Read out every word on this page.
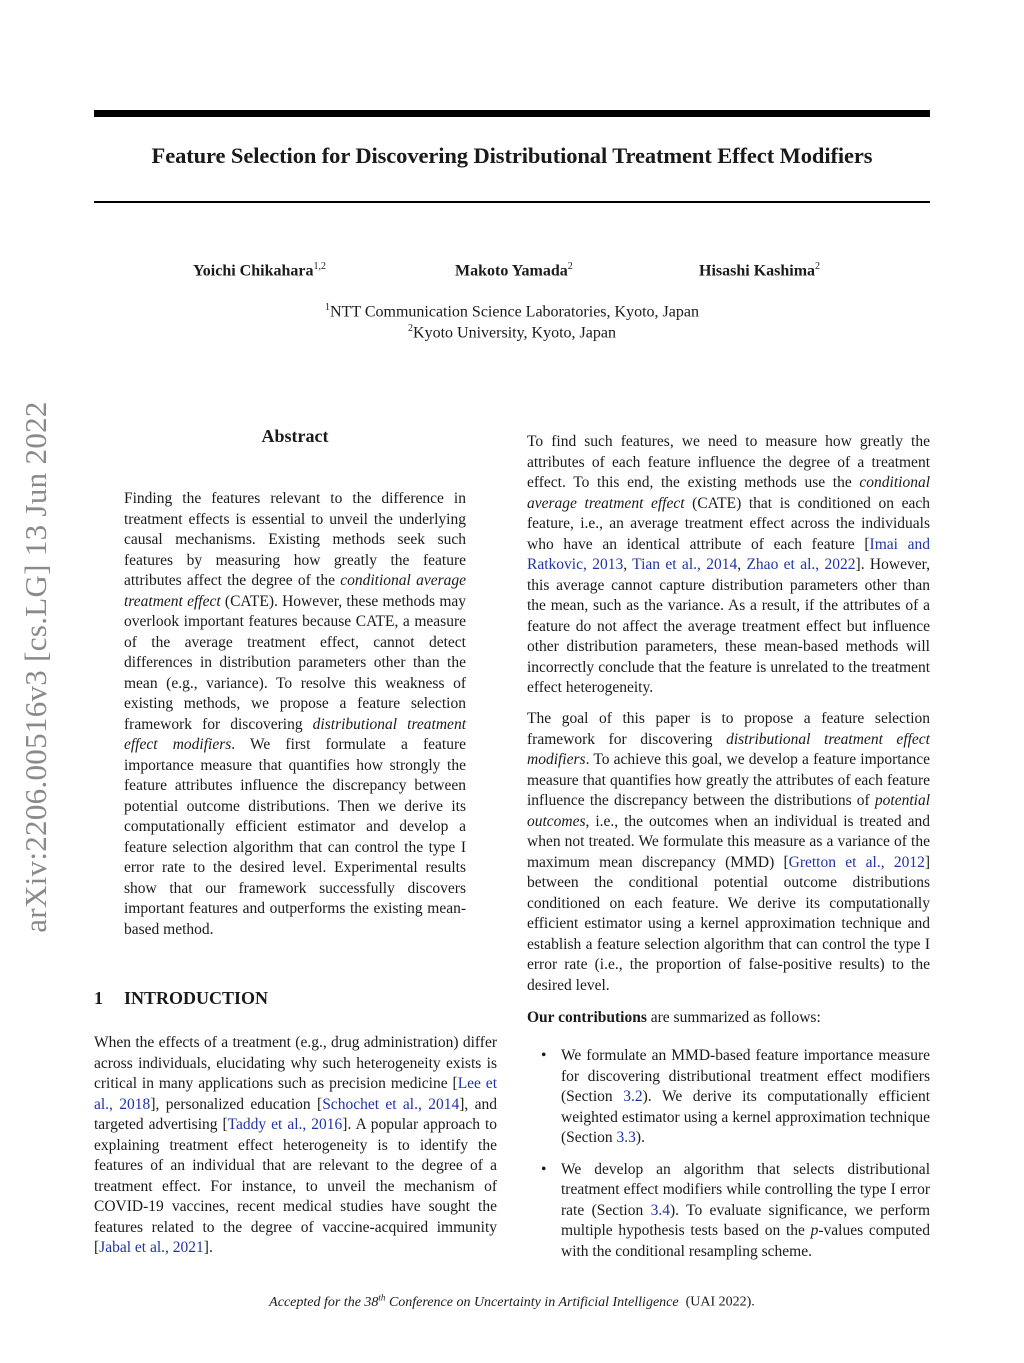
Feature Selection for Discovering Distributional Treatment Effect Modifiers
Yoichi Chikahara$^{1,2}$	Makoto Yamada$^2$	Hisashi Kashima$^2$
$^1$NTT Communication Science Laboratories, Kyoto, Japan
$^2$Kyoto University, Kyoto, Japan
arXiv:2206.00516v3 [cs.LG] 13 Jun 2022	Abstract

Finding the features relevant to the difference in treatment effects is essential to unveil the underlying causal mechanisms. Existing methods seek such features by measuring how greatly the feature attributes affect the degree of the conditional average treatment effect (CATE). However, these methods may overlook important features because CATE, a measure of the average treatment effect, cannot detect differences in distribution parameters other than the mean (e.g., variance). To resolve this weakness of existing methods, we propose a feature selection framework for discovering distributional treatment effect modifiers. We first formulate a feature importance measure that quantifies how strongly the feature attributes influence the discrepancy between potential outcome distributions. Then we derive its computationally efficient estimator and develop a feature selection algorithm that can control the type I error rate to the desired level. Experimental results show that our framework successfully discovers important features and outperforms the existing mean-based method.

1 INTRODUCTION

When the effects of a treatment (e.g., drug administration) differ across individuals, elucidating why such heterogeneity exists is critical in many applications such as precision medicine [Lee et al., 2018], personalized education [Schochet et al., 2014], and targeted advertising [Taddy et al., 2016]. A popular approach to explaining treatment effect heterogeneity is to identify the features of an individual that are relevant to the degree of a treatment effect. For instance, to unveil the mechanism of COVID-19 vaccines, recent medical studies have sought the features related to the degree of vaccine-acquired immunity [Jabal et al., 2021].

To find such features, we need to measure how greatly the attributes of each feature influence the degree of a treatment effect. To this end, the existing methods use the conditional average treatment effect (CATE) that is conditioned on each feature, i.e., an average treatment effect across the individuals who have an identical attribute of each feature [Imai and Ratkovic, 2013, Tian et al., 2014, Zhao et al., 2022]. However, this average cannot capture distribution parameters other than the mean, such as the variance. As a result, if the attributes of a feature do not affect the average treatment effect but influence other distribution parameters, these mean-based methods will incorrectly conclude that the feature is unrelated to the treatment effect heterogeneity.

The goal of this paper is to propose a feature selection framework for discovering distributional treatment effect modifiers. To achieve this goal, we develop a feature importance measure that quantifies how greatly the attributes of each feature influence the discrepancy between the distributions of potential outcomes, i.e., the outcomes when an individual is treated and when not treated. We formulate this measure as a variance of the maximum mean discrepancy (MMD) [Gretton et al., 2012] between the conditional potential outcome distributions conditioned on each feature. We derive its computationally efficient estimator using a kernel approximation technique and establish a feature selection algorithm that can control the type I error rate (i.e., the proportion of false-positive results) to the desired level.

Our contributions are summarized as follows:

• We formulate an MMD-based feature importance measure for discovering distributional treatment effect modifiers (Section 3.2). We derive its computationally efficient weighted estimator using a kernel approximation technique (Section 3.3).
• We develop an algorithm that selects distributional treatment effect modifiers while controlling the type I error rate (Section 3.4). To evaluate significance, we perform multiple hypothesis tests based on the p-values computed with the conditional resampling scheme.
Accepted for the 38th Conference on Uncertainty in Artificial Intelligence (UAI 2022).
